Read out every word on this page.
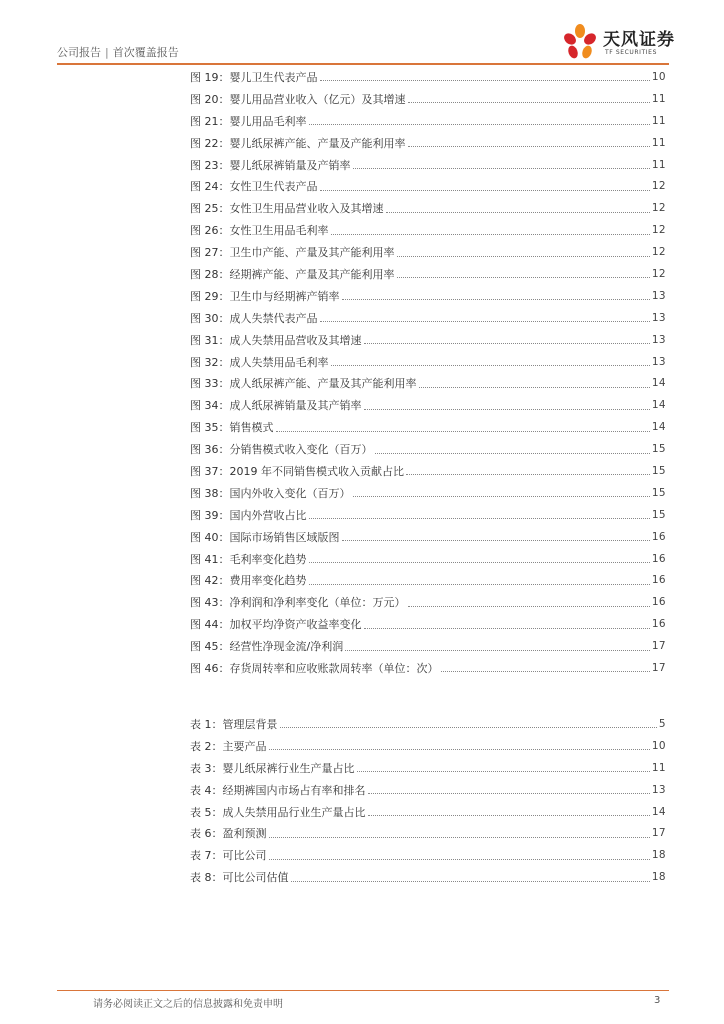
公司报告 | 首次覆盖报告
天风证券
TF SECURITIES
图 19：婴儿卫生代表产品	10
图 20：婴儿用品营业收入（亿元）及其增速	11
图 21：婴儿用品毛利率	11
图 22：婴儿纸尿裤产能、产量及产能利用率	11
图 23：婴儿纸尿裤销量及产销率	11
图 24：女性卫生代表产品	12
图 25：女性卫生用品营业收入及其增速	12
图 26：女性卫生用品毛利率	12
图 27：卫生巾产能、产量及其产能利用率	12
图 28：经期裤产能、产量及其产能利用率	12
图 29：卫生巾与经期裤产销率	13
图 30：成人失禁代表产品	13
图 31：成人失禁用品营收及其增速	13
图 32：成人失禁用品毛利率	13
图 33：成人纸尿裤产能、产量及其产能利用率	14
图 34：成人纸尿裤销量及其产销率	14
图 35：销售模式	14
图 36：分销售模式收入变化（百万）	15
图 37：2019 年不同销售模式收入贡献占比	15
图 38：国内外收入变化（百万）	15
图 39：国内外营收占比	15
图 40：国际市场销售区域版图	16
图 41：毛利率变化趋势	16
图 42：费用率变化趋势	16
图 43：净利润和净利率变化（单位：万元）	16
图 44：加权平均净资产收益率变化	16
图 45：经营性净现金流/净利润	17
图 46：存货周转率和应收账款周转率（单位：次）	17
表 1：管理层背景	5
表 2：主要产品	10
表 3：婴儿纸尿裤行业生产量占比	11
表 4：经期裤国内市场占有率和排名	13
表 5：成人失禁用品行业生产量占比	14
表 6：盈利预测	17
表 7：可比公司	18
表 8：可比公司估值	18
请务必阅读正文之后的信息披露和免责申明	3
